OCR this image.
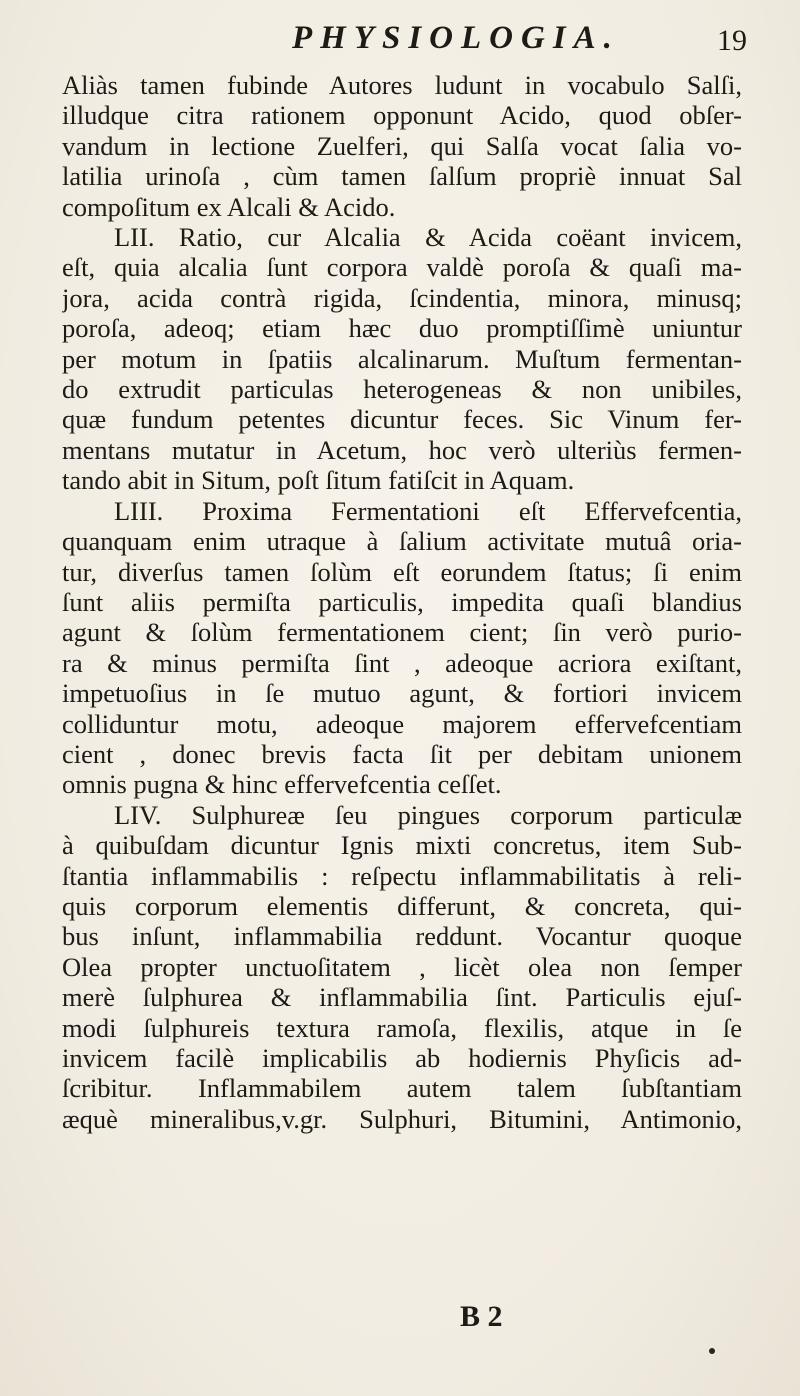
PHYSIOLOGIA.	19
Aliàs tamen fubinde Autores ludunt in vocabulo Salſi,
illudque citra rationem opponunt Acido, quod obſer-
vandum in lectione Zuelferi, qui Salſa vocat ſalia vo-
latilia urinoſa , cùm tamen ſalſum propriè innuat Sal
compoſitum ex Alcali & Acido.
LII. Ratio, cur Alcalia & Acida coëant invicem,
eſt, quia alcalia ſunt corpora valdè poroſa & quaſi ma-
jora, acida contrà rigida, ſcindentia, minora, minusq;
poroſa, adeoq; etiam hæc duo promptiſſimè uniuntur
per motum in ſpatiis alcalinarum. Muſtum fermentan-
do extrudit particulas heterogeneas & non unibiles,
quæ fundum petentes dicuntur feces. Sic Vinum fer-
mentans mutatur in Acetum, hoc verò ulteriùs fermen-
tando abit in Situm, poſt ſitum fatiſcit in Aquam.
LIII. Proxima Fermentationi eſt Effervefcentia,
quanquam enim utraque à ſalium activitate mutuâ oria-
tur, diverſus tamen ſolùm eſt eorundem ſtatus; ſi enim
ſunt aliis permiſta particulis, impedita quaſi blandius
agunt & ſolùm fermentationem cient; ſin verò purio-
ra & minus permiſta ſint , adeoque acriora exiſtant,
impetuoſius in ſe mutuo agunt, & fortiori invicem
colliduntur motu, adeoque majorem effervefcentiam
cient , donec brevis facta ſit per debitam unionem
omnis pugna & hinc effervefcentia ceſſet.
LIV. Sulphureæ ſeu pingues corporum particulæ
à quibuſdam dicuntur Ignis mixti concretus, item Sub-
ſtantia inflammabilis : reſpectu inflammabilitatis à reli-
quis corporum elementis differunt, & concreta, qui-
bus inſunt, inflammabilia reddunt. Vocantur quoque
Olea propter unctuoſitatem , licèt olea non ſemper
merè ſulphurea & inflammabilia ſint. Particulis ejuſ-
modi ſulphureis textura ramoſa, flexilis, atque in ſe
invicem facilè implicabilis ab hodiernis Phyſicis ad-
ſcribitur. Inflammabilem autem talem ſubſtantiam
æquè mineralibus,v.gr. Sulphuri, Bitumini, Antimonio,
B 2
